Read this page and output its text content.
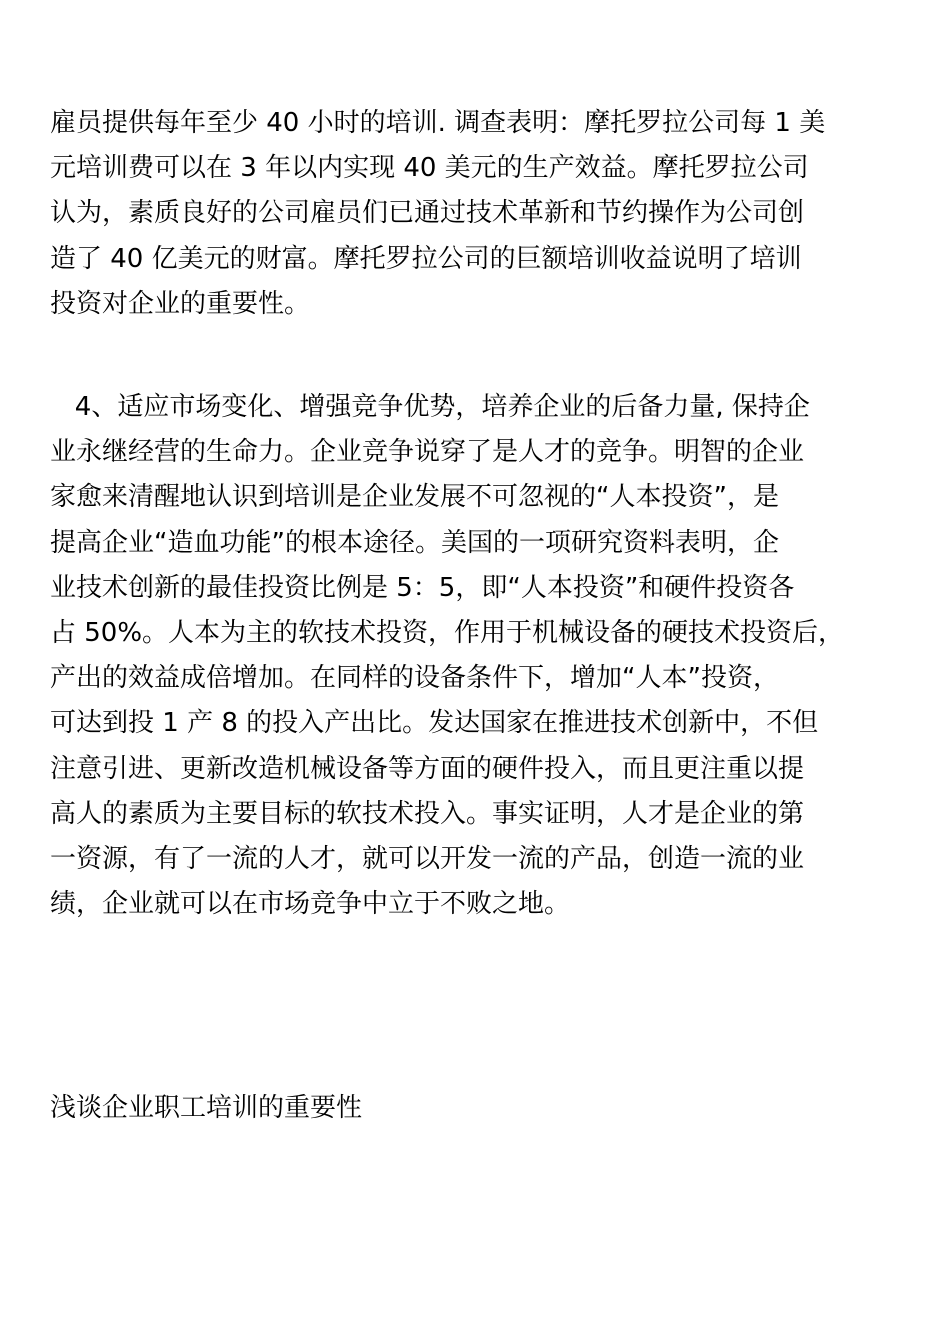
雇员提供每年至少 40 小时的培训. 调查表明：摩托罗拉公司每 1 美
元培训费可以在 3 年以内实现 40 美元的生产效益。摩托罗拉公司
认为，素质良好的公司雇员们已通过技术革新和节约操作为公司创
造了 40 亿美元的财富。摩托罗拉公司的巨额培训收益说明了培训
投资对企业的重要性。
4、适应市场变化、增强竞争优势，培养企业的后备力量, 保持企
业永继经营的生命力。企业竞争说穿了是人才的竞争。明智的企业
家愈来清醒地认识到培训是企业发展不可忽视的“人本投资”，是
提高企业“造血功能”的根本途径。美国的一项研究资料表明，企
业技术创新的最佳投资比例是 5：5，即“人本投资”和硬件投资各
占 50%。人本为主的软技术投资，作用于机械设备的硬技术投资后，
产出的效益成倍增加。在同样的设备条件下，增加“人本”投资，
可达到投 1 产 8 的投入产出比。发达国家在推进技术创新中，不但
注意引进、更新改造机械设备等方面的硬件投入，而且更注重以提
高人的素质为主要目标的软技术投入。事实证明，人才是企业的第
一资源，有了一流的人才，就可以开发一流的产品，创造一流的业
绩，企业就可以在市场竞争中立于不败之地。
浅谈企业职工培训的重要性
